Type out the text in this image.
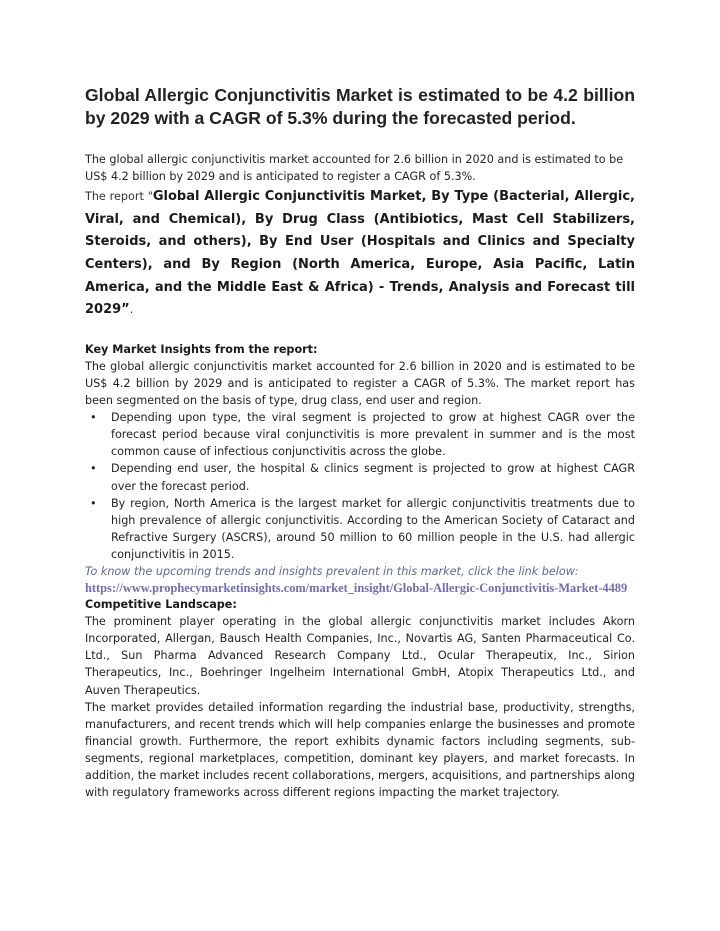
Global Allergic Conjunctivitis Market is estimated to be 4.2 billion by 2029 with a CAGR of 5.3% during the forecasted period.

The global allergic conjunctivitis market accounted for 2.6 billion in 2020 and is estimated to be US$ 4.2 billion by 2029 and is anticipated to register a CAGR of 5.3%.

The report "Global Allergic Conjunctivitis Market, By Type (Bacterial, Allergic, Viral, and Chemical), By Drug Class (Antibiotics, Mast Cell Stabilizers, Steroids, and others), By End User (Hospitals and Clinics and Specialty Centers), and By Region (North America, Europe, Asia Pacific, Latin America, and the Middle East & Africa) - Trends, Analysis and Forecast till 2029”.

Key Market Insights from the report:

The global allergic conjunctivitis market accounted for 2.6 billion in 2020 and is estimated to be US$ 4.2 billion by 2029 and is anticipated to register a CAGR of 5.3%. The market report has been segmented on the basis of type, drug class, end user and region.

• Depending upon type, the viral segment is projected to grow at highest CAGR over the forecast period because viral conjunctivitis is more prevalent in summer and is the most common cause of infectious conjunctivitis across the globe.
• Depending end user, the hospital & clinics segment is projected to grow at highest CAGR over the forecast period.
• By region, North America is the largest market for allergic conjunctivitis treatments due to high prevalence of allergic conjunctivitis. According to the American Society of Cataract and Refractive Surgery (ASCRS), around 50 million to 60 million people in the U.S. had allergic conjunctivitis in 2015.

To know the upcoming trends and insights prevalent in this market, click the link below:

https://www.prophecymarketinsights.com/market_insight/Global-Allergic-Conjunctivitis-Market-4489

Competitive Landscape:

The prominent player operating in the global allergic conjunctivitis market includes Akorn Incorporated, Allergan, Bausch Health Companies, Inc., Novartis AG, Santen Pharmaceutical Co. Ltd., Sun Pharma Advanced Research Company Ltd., Ocular Therapeutix, Inc., Sirion Therapeutics, Inc., Boehringer Ingelheim International GmbH, Atopix Therapeutics Ltd., and Auven Therapeutics.

The market provides detailed information regarding the industrial base, productivity, strengths, manufacturers, and recent trends which will help companies enlarge the businesses and promote financial growth. Furthermore, the report exhibits dynamic factors including segments, sub-segments, regional marketplaces, competition, dominant key players, and market forecasts. In addition, the market includes recent collaborations, mergers, acquisitions, and partnerships along with regulatory frameworks across different regions impacting the market trajectory.
